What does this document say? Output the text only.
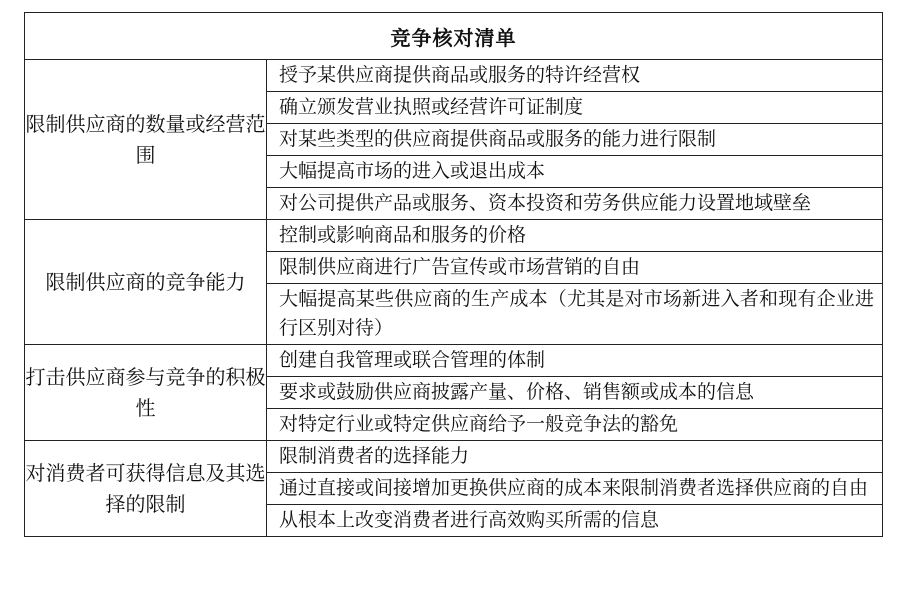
竞争核对清单	
限制供应商的数量或经营范围	授予某供应商提供商品或服务的特许经营权
	确立颁发营业执照或经营许可证制度
	对某些类型的供应商提供商品或服务的能力进行限制
	大幅提高市场的进入或退出成本
	对公司提供产品或服务、资本投资和劳务供应能力设置地域壁垒
限制供应商的竞争能力	控制或影响商品和服务的价格
	限制供应商进行广告宣传或市场营销的自由
	大幅提高某些供应商的生产成本（尤其是对市场新进入者和现有企业进行区别对待）
打击供应商参与竞争的积极性	创建自我管理或联合管理的体制
	要求或鼓励供应商披露产量、价格、销售额或成本的信息
	对特定行业或特定供应商给予一般竞争法的豁免
对消费者可获得信息及其选择的限制	限制消费者的选择能力
	通过直接或间接增加更换供应商的成本来限制消费者选择供应商的自由
	从根本上改变消费者进行高效购买所需的信息
